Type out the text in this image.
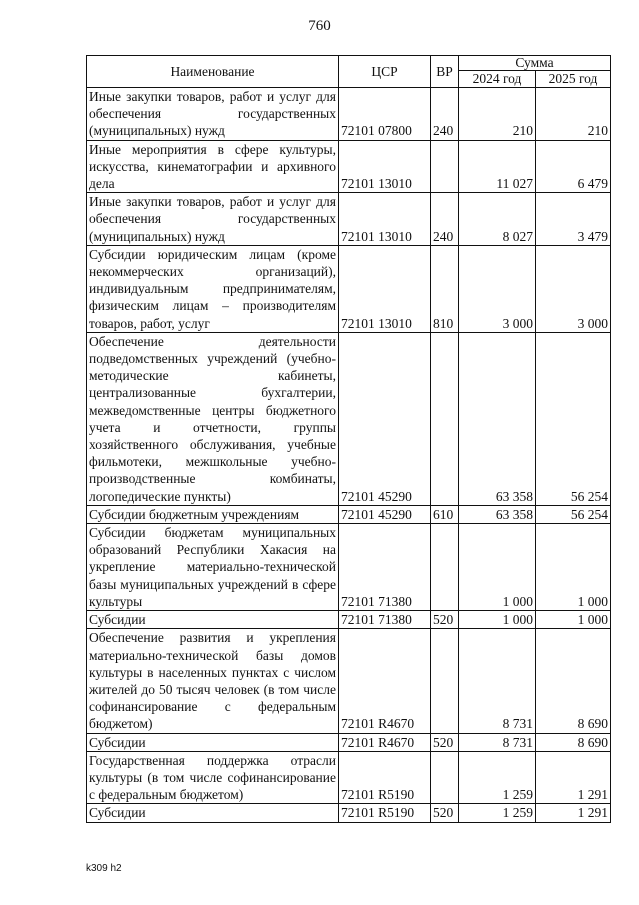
760
Наименование	ЦСР	ВР	Сумма	
			2024 год	2025 год
Иные закупки товаров, работ и услуг для обеспечения государственных (муниципальных) нужд	72101 07800	240	210	210
Иные мероприятия в сфере культуры, искусства, кинематографии и архивного дела	72101 13010		11 027	6 479
Иные закупки товаров, работ и услуг для обеспечения государственных (муниципальных) нужд	72101 13010	240	8 027	3 479
Субсидии юридическим лицам (кроме некоммерческих организаций), индивидуальным предпринимателям, физическим лицам – производителям товаров, работ, услуг	72101 13010	810	3 000	3 000
Обеспечение деятельности подведомственных учреждений (учебно-методические кабинеты, централизованные бухгалтерии, межведомственные центры бюджетного учета и отчетности, группы хозяйственного обслуживания, учебные фильмотеки, межшкольные учебно-производственные комбинаты, логопедические пункты)	72101 45290		63 358	56 254
Субсидии бюджетным учреждениям	72101 45290	610	63 358	56 254
Субсидии бюджетам муниципальных образований Республики Хакасия на укрепление материально-технической базы муниципальных учреждений в сфере культуры	72101 71380		1 000	1 000
Субсидии	72101 71380	520	1 000	1 000
Обеспечение развития и укрепления материально-технической базы домов культуры в населенных пунктах с числом жителей до 50 тысяч человек (в том числе софинансирование с федеральным бюджетом)	72101 R4670		8 731	8 690
Субсидии	72101 R4670	520	8 731	8 690
Государственная поддержка отрасли культуры (в том числе софинансирование с федеральным бюджетом)	72101 R5190		1 259	1 291
Субсидии	72101 R5190	520	1 259	1 291
k309 h2
